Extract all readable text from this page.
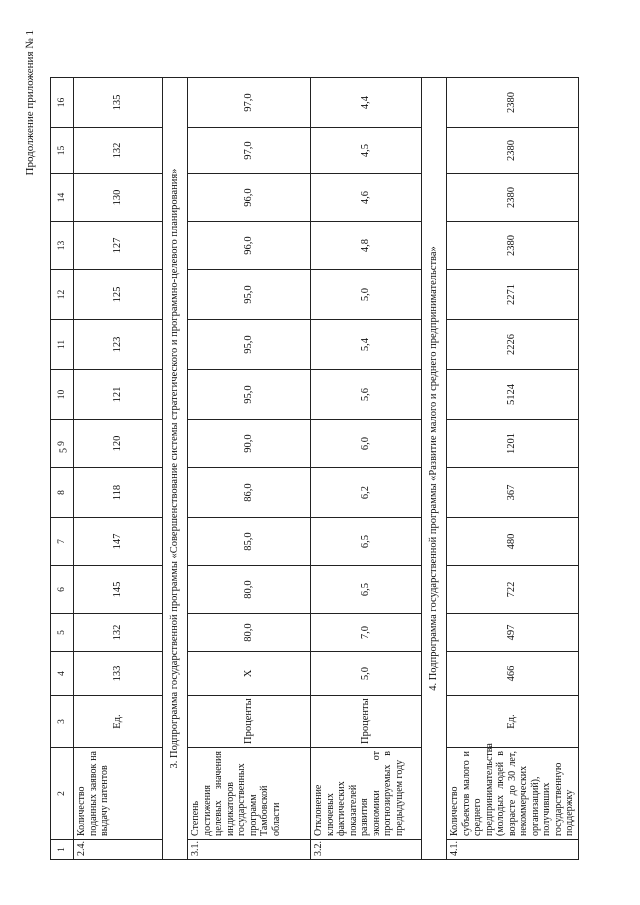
5
Продолжение приложения № 1
1	2	3	4	5	6	7	8	9	10	11	12	13	14	15	16
2.4.	Количество поданных заявок на выдачу патентов	Ед.	133	132	145	147	118	120	121	123	125	127	130	132	135
3. Подпрограмма государственной программы «Совершенствование системы стратегического и программно-целевого планирования»															
3.1.	Степень достижения целевых значения индикаторов государственных программ Тамбовской области	Проценты	Х	80,0	80,0	85,0	86,0	90,0	95,0	95,0	95,0	96,0	96,0	97,0	97,0
3.2.	Отклонение ключевых фактических показателей развития экономики от прогнозируемых в предыдущем году	Проценты	5,0	7,0	6,5	6,5	6,2	6,0	5,6	5,4	5,0	4,8	4,6	4,5	4,4
4. Подпрограмма государственной программы «Развитие малого и среднего предпринимательства»															
4.1.	Количество субъектов малого и среднего предпринимательства (молодых людей в возрасте до 30 лет, некоммерческих организаций), получивших государственную поддержку	Ед.	466	497	722	480	367	1201	5124	2226	2271	2380	2380	2380	2380
